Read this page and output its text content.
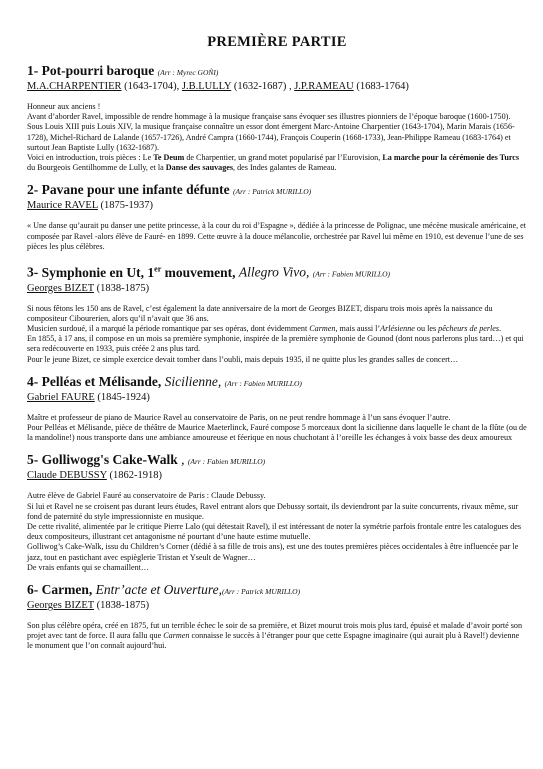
PREMIÈRE PARTIE
1- Pot-pourri baroque (Arr : Myrec GOÑI)
M.A.CHARPENTIER (1643-1704), J.B.LULLY (1632-1687) , J.P.RAMEAU (1683-1764)

Honneur aux anciens !

Avant d’aborder Ravel, impossible de rendre hommage à la musique française sans évoquer ses illustres pionniers de l’époque baroque (1600-1750).

Sous Louis XIII puis Louis XIV, la musique française connaître un essor dont émergent Marc-Antoine Charpentier (1643-1704), Marin Marais (1656-1728), Michel-Richard de Lalande (1657-1726), André Campra (1660-1744), François Couperin (1668-1733), Jean-Philippe Rameau (1683-1764) et surtout Jean Baptiste Lully (1632-1687).

Voici en introduction, trois pièces : Le Te Deum de Charpentier, un grand motet popularisé par l’Eurovision, La marche pour la cérémonie des Turcs du Bourgeois Gentilhomme de Lully, et la Danse des sauvages, des Indes galantes de Rameau.

2- Pavane pour une infante défunte (Arr : Patrick MURILLO)
Maurice RAVEL (1875-1937)

« Une danse qu’aurait pu danser une petite princesse, à la cour du roi d’Espagne », dédiée à la princesse de Polignac, une mécène musicale américaine, et composée par Ravel -alors élève de Fauré- en 1899. Cette œuvre à la douce mélancolie, orchestrée par Ravel lui même en 1910, est devenue l’une de ses pièces les plus célèbres.

3- Symphonie en Ut, 1er mouvement, Allegro Vivo, (Arr : Fabien MURILLO)
Georges BIZET (1838-1875)

Si nous fêtons les 150 ans de Ravel, c’est également la date anniversaire de la mort de Georges BIZET, disparu trois mois après la naissance du compositeur Cibourerien, alors qu’il n’avait que 36 ans.

Musicien surdoué, il a marqué la période romantique par ses opéras, dont évidemment Carmen, mais aussi l’Arlésienne ou les pêcheurs de perles.

En 1855, à 17 ans, il compose en un mois sa première symphonie, inspirée de la première symphonie de Gounod (dont nous parlerons plus tard…) et qui sera redécouverte en 1933, puis créée 2 ans plus tard.

Pour le jeune Bizet, ce simple exercice devait tomber dans l’oubli, mais depuis 1935, il ne quitte plus les grandes salles de concert…

4- Pelléas et Mélisande, Sicilienne, (Arr : Fabien MURILLO)
Gabriel FAURE (1845-1924)

Maître et professeur de piano de Maurice Ravel au conservatoire de Paris, on ne peut rendre hommage à l’un sans évoquer l’autre.

Pour Pelléas et Mélisande, pièce de théâtre de Maurice Maeterlinck, Fauré compose 5 morceaux dont la sicilienne dans laquelle le chant de la flûte (ou de la mandoline!) nous transporte dans une ambiance amoureuse et féerique en nous chuchotant à l’oreille les échanges à voix basse des deux amoureux

5- Golliwogg's Cake-Walk , (Arr : Fabien MURILLO)
Claude DEBUSSY (1862-1918)

Autre élève de Gabriel Fauré au conservatoire de Paris : Claude Debussy.

Si lui et Ravel ne se croisent pas durant leurs études, Ravel entrant alors que Debussy sortait, ils deviendront par la suite concurrents, rivaux même, sur fond de paternité du style impressionniste en musique.

De cette rivalité, alimentée par le critique Pierre Lalo (qui détestait Ravel), il est intéressant de noter la symétrie parfois frontale entre les catalogues des deux compositeurs, illustrant cet antagonisme né pourtant d’une haute estime mutuelle.

Golliwog’s Cake-Walk, issu du Children’s Corner (dédié à sa fille de trois ans), est une des toutes premières pièces occidentales à être influencée par le jazz, tout en pastichant avec espièglerie Tristan et Yseult de Wagner…

De vrais enfants qui se chamaillent…

6- Carmen, Entr’acte et Ouverture,(Arr : Patrick MURILLO)
Georges BIZET (1838-1875)

Son plus célèbre opéra, créé en 1875, fut un terrible échec le soir de sa première, et Bizet mourut trois mois plus tard, épuisé et malade d’avoir porté son projet avec tant de force. Il aura fallu que Carmen connaisse le succès à l’étranger pour que cette Espagne imaginaire (qui aurait plu à Ravel!) devienne le monument que l’on connaît aujourd’hui.
